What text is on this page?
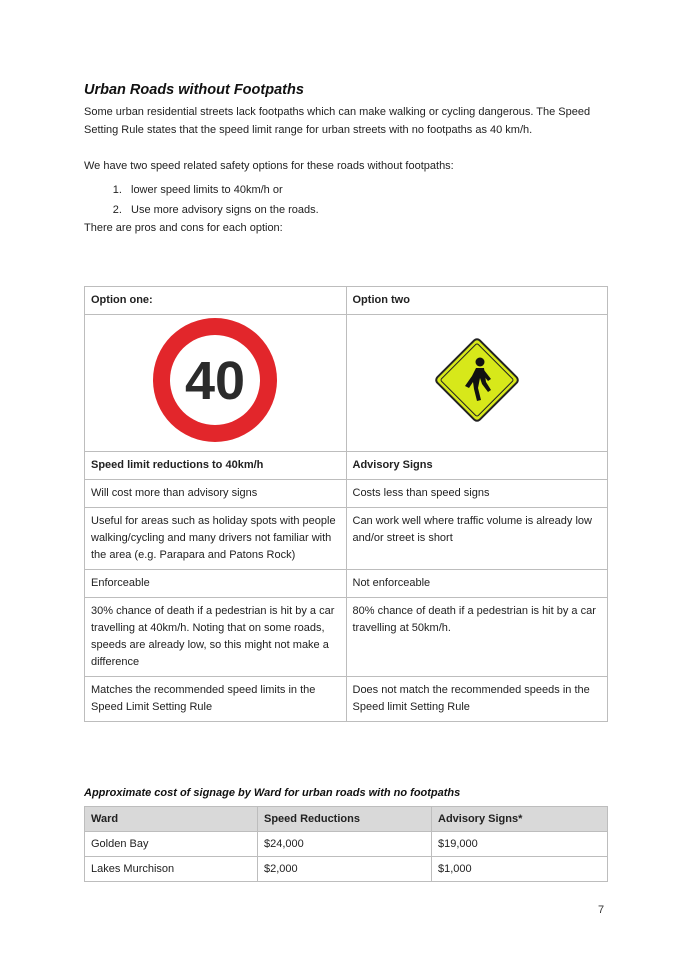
Urban Roads without Footpaths

Some urban residential streets lack footpaths which can make walking or cycling dangerous. The Speed Setting Rule states that the speed limit range for urban streets with no footpaths as 40 km/h.

We have two speed related safety options for these roads without footpaths:

1. lower speed limits to 40km/h or
2. Use more advisory signs on the roads.

There are pros and cons for each option:

Option one:	Option two

40

Speed limit reductions to 40km/h	Advisory Signs
Will cost more than advisory signs	Costs less than speed signs
Useful for areas such as holiday spots with people walking/cycling and many drivers not familiar with the area (e.g. Parapara and Patons Rock)	Can work well where traffic volume is already low and/or street is short
Enforceable	Not enforceable
30% chance of death if a pedestrian is hit by a car travelling at 40km/h. Noting that on some roads, speeds are already low, so this might not make a difference	80% chance of death if a pedestrian is hit by a car travelling at 50km/h.
Matches the recommended speed limits in the Speed Limit Setting Rule	Does not match the recommended speeds in the Speed limit Setting Rule
Approximate cost of signage by Ward for urban roads with no footpaths
Ward	Speed Reductions	Advisory Signs*
Golden Bay	$24,000	$19,000
Lakes Murchison	$2,000	$1,000
7
